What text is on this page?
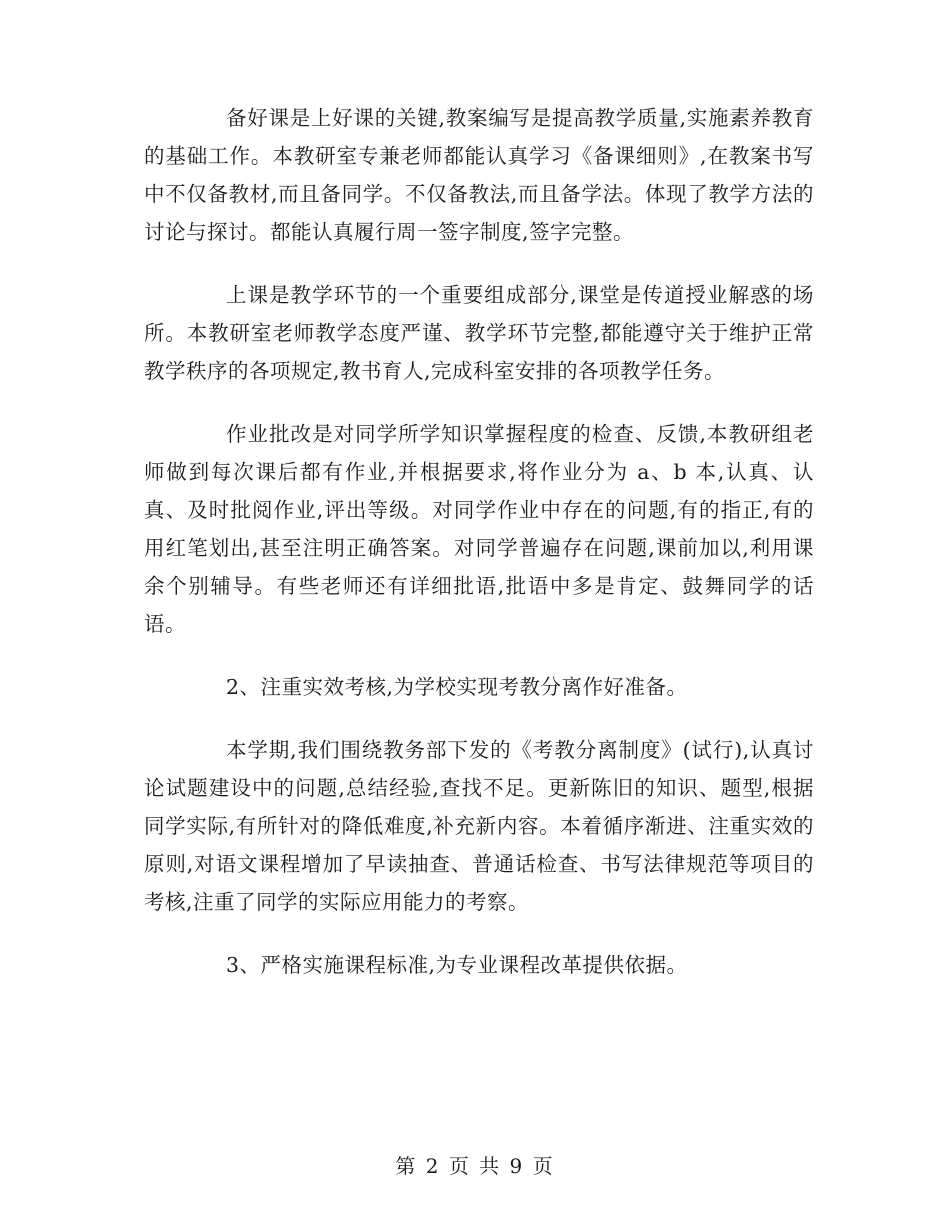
备好课是上好课的关键,教案编写是提高教学质量,实施素养教育的基础工作。本教研室专兼老师都能认真学习《备课细则》,在教案书写中不仅备教材,而且备同学。不仅备教法,而且备学法。体现了教学方法的讨论与探讨。都能认真履行周一签字制度,签字完整。

上课是教学环节的一个重要组成部分,课堂是传道授业解惑的场所。本教研室老师教学态度严谨、教学环节完整,都能遵守关于维护正常教学秩序的各项规定,教书育人,完成科室安排的各项教学任务。

作业批改是对同学所学知识掌握程度的检查、反馈,本教研组老师做到每次课后都有作业,并根据要求,将作业分为 a、b 本,认真、认真、及时批阅作业,评出等级。对同学作业中存在的问题,有的指正,有的用红笔划出,甚至注明正确答案。对同学普遍存在问题,课前加以,利用课余个别辅导。有些老师还有详细批语,批语中多是肯定、鼓舞同学的话语。

2、注重实效考核,为学校实现考教分离作好准备。

本学期,我们围绕教务部下发的《考教分离制度》(试行),认真讨论试题建设中的问题,总结经验,查找不足。更新陈旧的知识、题型,根据同学实际,有所针对的降低难度,补充新内容。本着循序渐进、注重实效的原则,对语文课程增加了早读抽查、普通话检查、书写法律规范等项目的考核,注重了同学的实际应用能力的考察。

3、严格实施课程标准,为专业课程改革提供依据。

第 2 页 共 9 页
